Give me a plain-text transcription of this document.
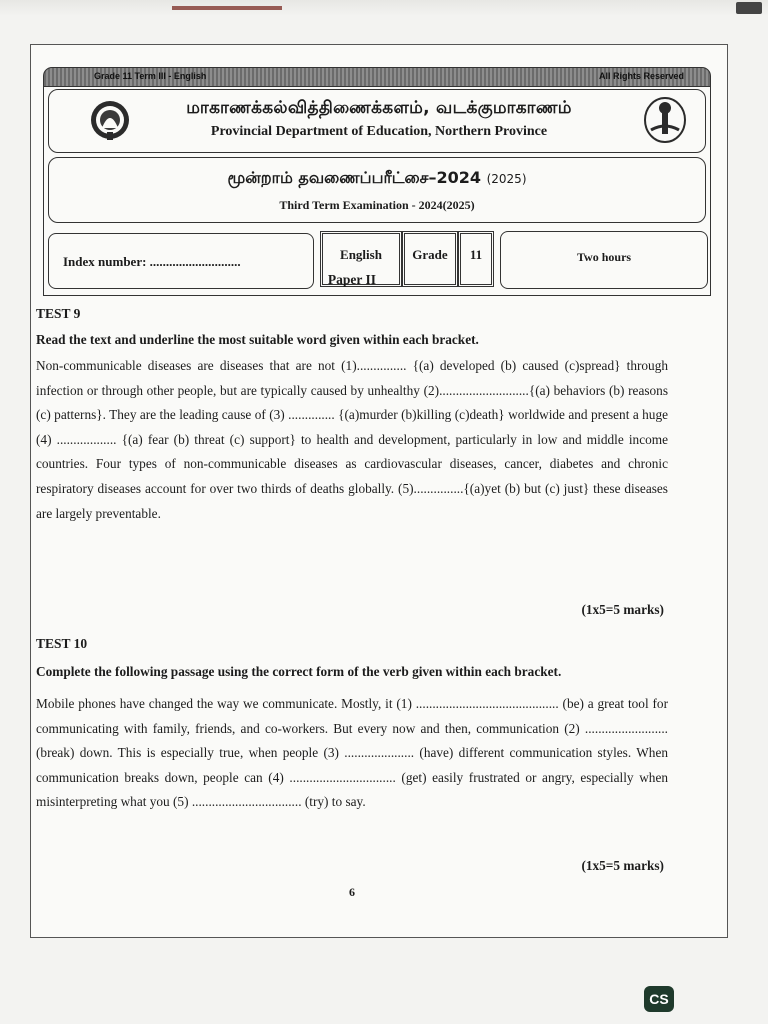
Grade 11 Term III - English	All Rights Reserved
மாகாணக்கல்வித்திணைக்களம், வடக்குமாகாணம்
Provincial Department of Education, Northern Province
மூன்றாம் தவணைப்பரீட்சை–2024 (2025)
Third Term Examination - 2024(2025)
Index number: ............................	English	Grade	11	Two hours
Paper II
TEST 9
Read the text and underline the most suitable word given within each bracket.

Non-communicable diseases are diseases that are not (1)............... {(a) developed (b) caused (c)spread} through infection or through other people, but are typically caused by unhealthy (2)...........................{(a) behaviors (b) reasons (c) patterns}. They are the leading cause of (3) .............. {(a)murder (b)killing (c)death} worldwide and present a huge (4) .................. {(a) fear (b) threat (c) support} to health and development, particularly in low and middle income countries. Four types of non-communicable diseases as cardiovascular diseases, cancer, diabetes and chronic respiratory diseases account for over two thirds of deaths globally. (5)...............{(a)yet (b) but (c) just} these diseases are largely preventable.

(1x5=5 marks)
TEST 10
Complete the following passage using the correct form of the verb given within each bracket.

Mobile phones have changed the way we communicate. Mostly, it (1) ........................................... (be) a great tool for communicating with family, friends, and co-workers. But every now and then, communication (2) ......................... (break) down. This is especially true, when people (3) ..................... (have) different communication styles. When communication breaks down, people can (4) ................................ (get) easily frustrated or angry, especially when misinterpreting what you (5) ................................. (try) to say.

(1x5=5 marks)
6
CS
